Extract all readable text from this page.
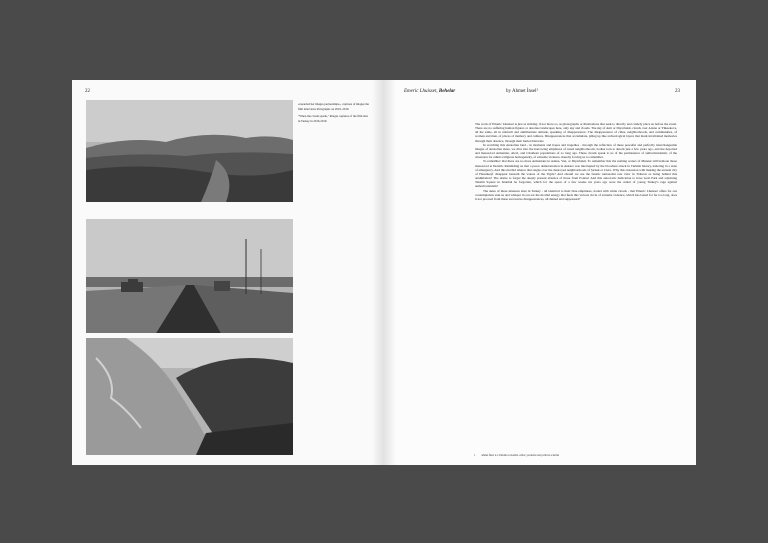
22

«Guarded her images partnerships», captions of images the film interviews Paragraphs on 2016–2019.

"When the clouds speak," images captures of the film shot in Turkey in 2016-2019.

Emeric Lhuisset, Behelar	by Ahmet İnsel¹	23

The work of Emeric Lhuisset is just as striking, if not more so, as photographs or illustrations that seek to directly and crudely place us before the event. There are no suffering human figures or desolate landscapes here, only sky and clouds. The sky of Anti or Diyarbakir, clouds over Adana or Yüksekova, all the same, all in uniform and antiillustrate attitude, speaking of disappearance. The disappearance of cities, neighborhoods, and communities, of women and men, of places of memory and cultures. Disappearances that accumulate, piling up like archeological layers that mark invalidated memories through their absence, through their buried histories.

In watching this Anatolian land - in moments and hopes and tragedies - through the reflection of these peaceful and perfectly interchangeable images of Anatolian skies, we dive into the harrowing emptiness of razed neighborhoods, bodies torn to shreds just a few years ago, and the deported and massacred Armenian, Alevi, and Chaldean populations of so long ago. These clouds speak to us of the permanence of authoritarianism, of the obsession for ethnic-religious homogeneity, of extreme violence, thereby forcing us to remember.

To remember that there are no more Armenians in Adana, Van, or Diyarbakir. To remember that the rushing waters of Munzur still bemoan those massacred at Dersim. Reminding us that a peace demonstration in Ankara was interrupted by the bloodiest attack in Turkish history, ushering in a state of emergency. And this morbid silence that reigns over the destroyed neighborhoods of Şırnak or Cizre. Why this obsession with making the ancient city of Hasankeyf disappear beneath the waters of the Tigris? And should we see the fanatic nationalist rear view in Trabzon as being behind this annihilation? The desire to forget the deeply present absence of those from Pontus! And this autocratic dedication to have Gezi Park and adjoining Taksim Square in Istanbul be forgotten, which for the space of a few weeks six years ago were the center of young Turkey's rage against authoritarianism?

The skies of these nineteen sites in Turkey - all identical to their blue emptiness, dotted with white clouds - that Emeric Lhuisset offers for our contemplation stun us and whisper in our ear the morbid energy that fuels this vicious circle of extreme violence, which has lasted for far too long, does it not proceed from these successive disappearances, all denied and suppressed?

1 Ahmet İnsel is a Turkish economist, editor, journalist and political scientist
